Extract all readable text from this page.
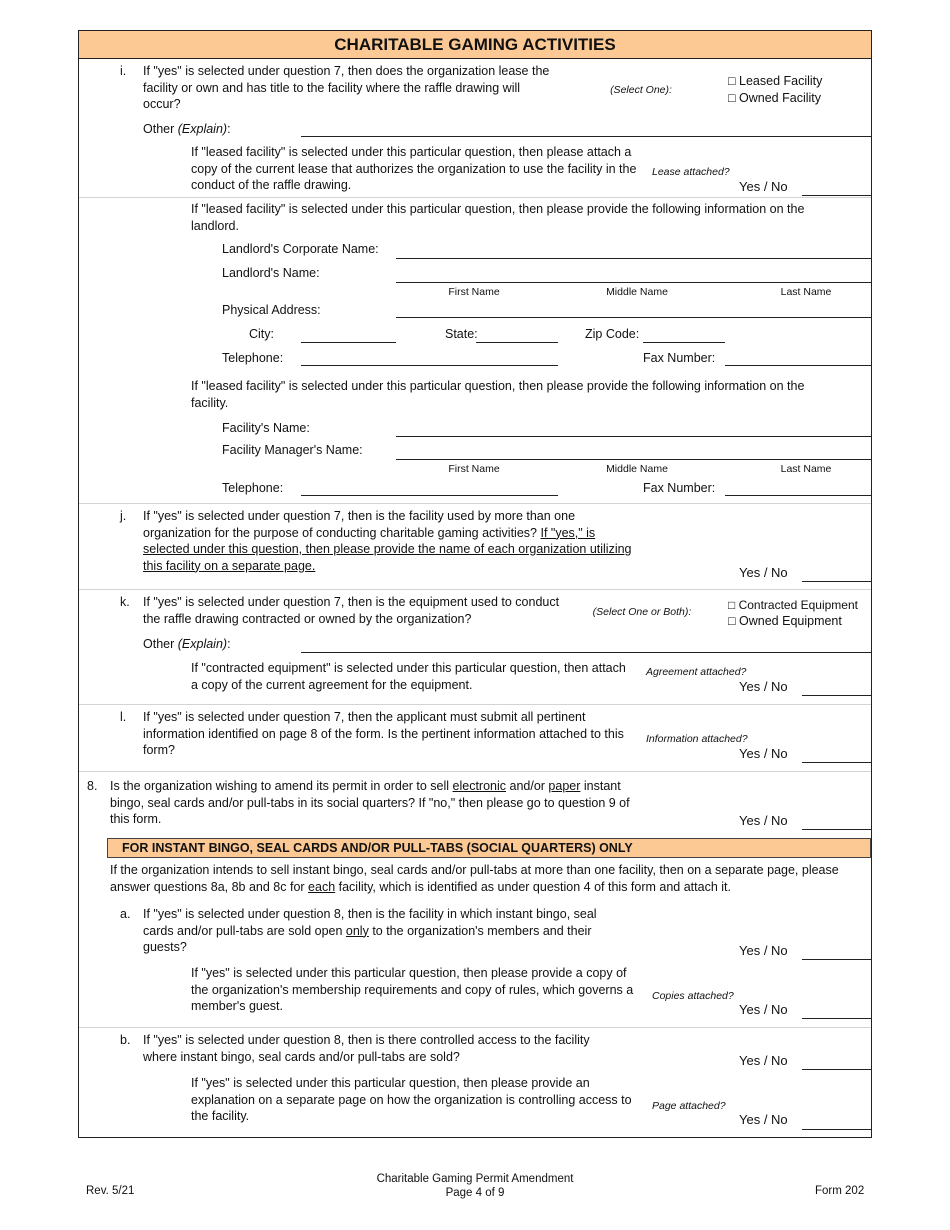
CHARITABLE GAMING ACTIVITIES
i. If "yes" is selected under question 7, then does the organization lease the facility or own and has title to the facility where the raffle drawing will occur?
(Select One):
□ Leased Facility
□ Owned Facility
Other (Explain):
If "leased facility" is selected under this particular question, then please attach a copy of the current lease that authorizes the organization to use the facility in the conduct of the raffle drawing.
Lease attached?
Yes / No
If "leased facility" is selected under this particular question, then please provide the following information on the landlord.
Landlord's Corporate Name:
Landlord's Name:
First Name	Middle Name	Last Name
Physical Address:
City:	State:	Zip Code:
Telephone:	Fax Number:
If "leased facility" is selected under this particular question, then please provide the following information on the facility.
Facility's Name:
Facility Manager's Name:
First Name	Middle Name	Last Name
Telephone:	Fax Number:
j. If "yes" is selected under question 7, then is the facility used by more than one organization for the purpose of conducting charitable gaming activities? If "yes," is selected under this question, then please provide the name of each organization utilizing this facility on a separate page.	Yes / No
k. If "yes" is selected under question 7, then is the equipment used to conduct the raffle drawing contracted or owned by the organization?	(Select One or Both):	□ Contracted Equipment
□ Owned Equipment
Other (Explain):
If "contracted equipment" is selected under this particular question, then attach a copy of the current agreement for the equipment.
Agreement attached?
Yes / No
l. If "yes" is selected under question 7, then the applicant must submit all pertinent information identified on page 8 of the form. Is the pertinent information attached to this form?
Information attached?
Yes / No
8. Is the organization wishing to amend its permit in order to sell electronic and/or paper instant bingo, seal cards and/or pull-tabs in its social quarters? If "no," then please go to question 9 of this form.	Yes / No
FOR INSTANT BINGO, SEAL CARDS AND/OR PULL-TABS (SOCIAL QUARTERS) ONLY
If the organization intends to sell instant bingo, seal cards and/or pull-tabs at more than one facility, then on a separate page, please answer questions 8a, 8b and 8c for each facility, which is identified as under question 4 of this form and attach it.
a. If "yes" is selected under question 8, then is the facility in which instant bingo, seal cards and/or pull-tabs are sold open only to the organization's members and their guests?	Yes / No
If "yes" is selected under this particular question, then please provide a copy of the organization's membership requirements and copy of rules, which governs a member's guest.
Copies attached?
Yes / No
b. If "yes" is selected under question 8, then is there controlled access to the facility where instant bingo, seal cards and/or pull-tabs are sold?	Yes / No
If "yes" is selected under this particular question, then please provide an explanation on a separate page on how the organization is controlling access to the facility.
Page attached?
Yes / No
Rev. 5/21
Charitable Gaming Permit Amendment
Page 4 of 9	Form 202
